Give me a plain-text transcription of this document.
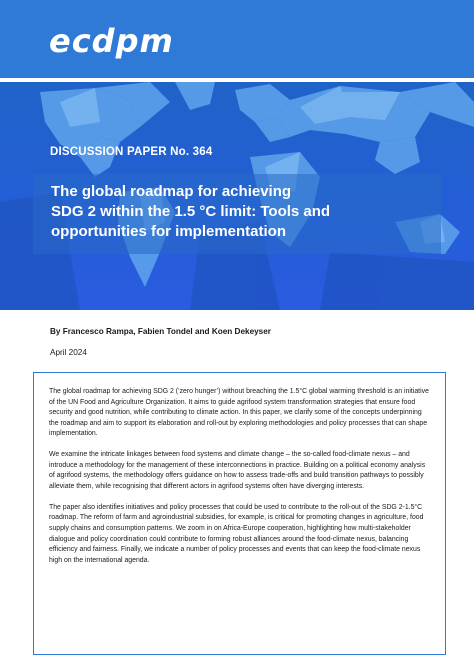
ecdpm
DISCUSSION PAPER No. 364
The global roadmap for achieving
SDG 2 within the 1.5 °C limit: Tools and
opportunities for implementation
By Francesco Rampa, Fabien Tondel and Koen Dekeyser
April 2024

The global roadmap for achieving SDG 2 (‘zero hunger’) without breaching the 1.5°C global warming threshold is an initiative of the UN Food and Agriculture Organization. It aims to guide agrifood system transformation strategies that ensure food security and good nutrition, while contributing to climate action. In this paper, we clarify some of the concepts underpinning the roadmap and aim to support its elaboration and roll-out by exploring methodologies and policy processes that can shape implementation.

We examine the intricate linkages between food systems and climate change – the so-called food-climate nexus – and introduce a methodology for the management of these interconnections in practice. Building on a political economy analysis of agrifood systems, the methodology offers guidance on how to assess trade-offs and build transition pathways to possibly alleviate them, while recognising that different actors in agrifood systems often have diverging interests.

The paper also identifies initiatives and policy processes that could be used to contribute to the roll-out of the SDG 2-1.5°C roadmap. The reform of farm and agroindustrial subsidies, for example, is critical for promoting changes in agriculture, food supply chains and consumption patterns. We zoom in on Africa-Europe cooperation, highlighting how multi-stakeholder dialogue and policy coordination could contribute to forming robust alliances around the food-climate nexus, balancing efficiency and fairness. Finally, we indicate a number of policy processes and events that can keep the food-climate nexus high on the international agenda.
